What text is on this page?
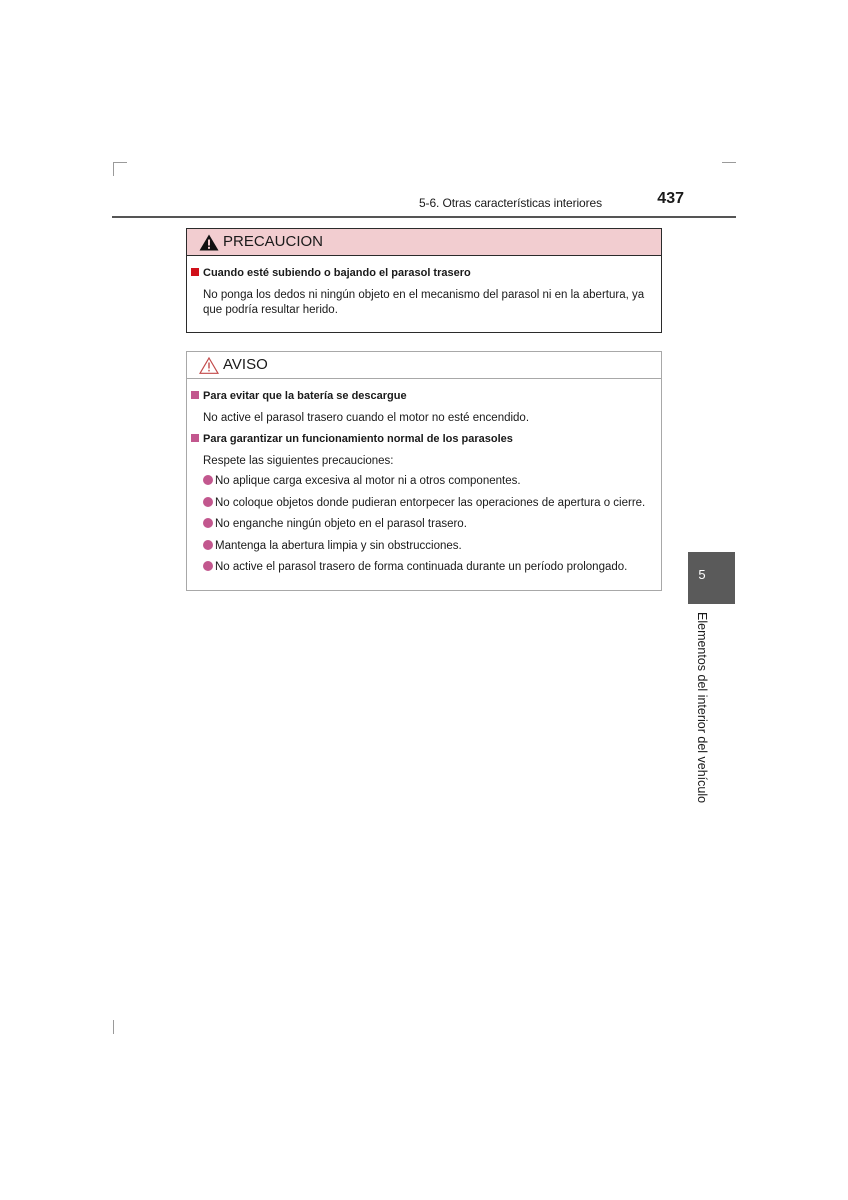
5-6. Otras características interiores	437
PRECAUCION
Cuando esté subiendo o bajando el parasol trasero
No ponga los dedos ni ningún objeto en el mecanismo del parasol ni en la abertura, ya que podría resultar herido.
AVISO
Para evitar que la batería se descargue
No active el parasol trasero cuando el motor no esté encendido.
Para garantizar un funcionamiento normal de los parasoles
Respete las siguientes precauciones:
No aplique carga excesiva al motor ni a otros componentes.
No coloque objetos donde pudieran entorpecer las operaciones de apertura o cierre.
No enganche ningún objeto en el parasol trasero.
Mantenga la abertura limpia y sin obstrucciones.
No active el parasol trasero de forma continuada durante un período prolongado.	5
Elementos del interior del vehículo
